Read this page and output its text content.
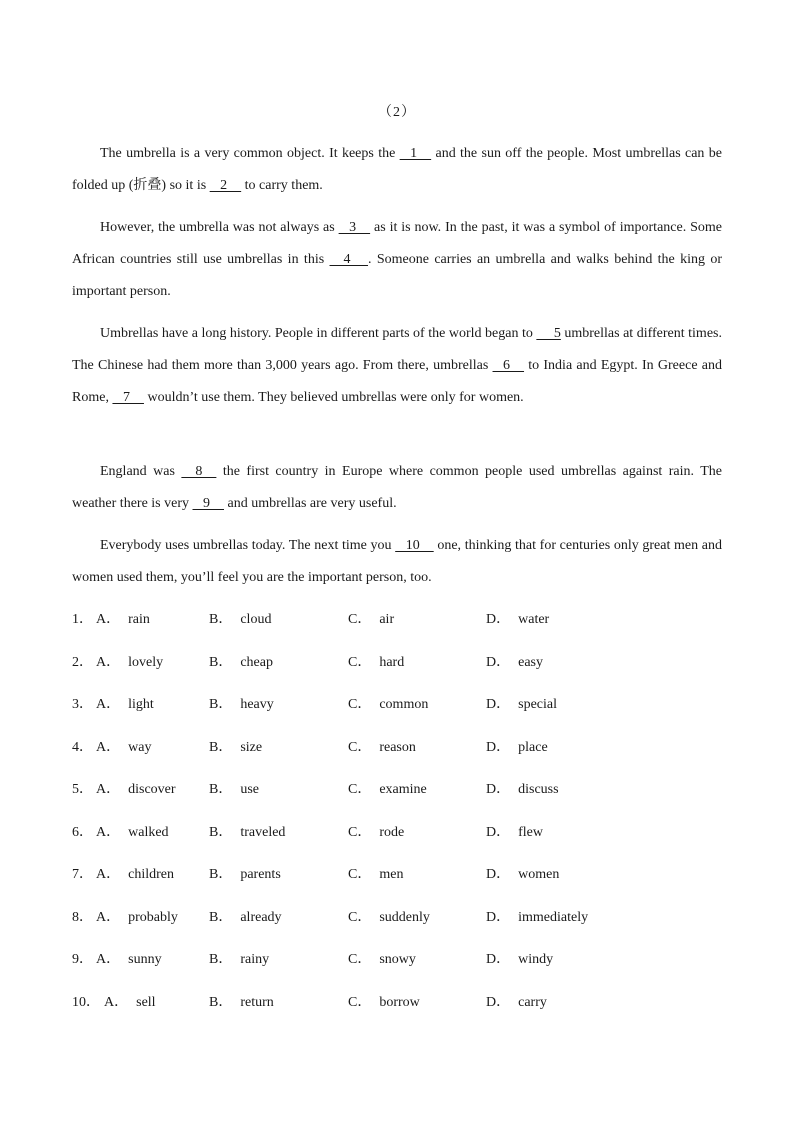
（2）

The umbrella is a very common object. It keeps the    1     and the sun off the people. Most umbrellas can be folded up (折叠) so it is    2     to carry them.

However, the umbrella was not always as    3     as it is now. In the past, it was a symbol of importance. Some African countries still use umbrellas in this     4     . Someone carries an umbrella and walks behind the king or important person.

Umbrellas have a long history. People in different parts of the world began to      5 umbrellas at different times. The Chinese had them more than 3,000 years ago. From there, umbrellas    6     to India and Egypt. In Greece and Rome,    7     wouldn’t use them. They believed umbrellas were only for women.

England was     8     the first country in Europe where common people used umbrellas against rain. The weather there is very    9     and umbrellas are very useful.

Everybody uses umbrellas today. The next time you    10     one, thinking that for centuries only great men and women used them, you’ll feel you are the important person, too.

1． A． rain	B． cloud	C． air	D． water
2． A． lovely	B． cheap	C． hard	D． easy
3． A． light	B． heavy	C． common	D． special
4． A． way	B． size	C． reason	D． place
5． A． discover B． use	C． examine	D． discuss
6． A． walked	B． traveled	C． rode	D． flew
7． A． children	B． parents	C． men	D． women
8． A． probably B． already	C． suddenly	D． immediately
9． A． sunny	B． rainy	C． snowy	D． windy
10． A． sell	B． return	C． borrow	D． carry
